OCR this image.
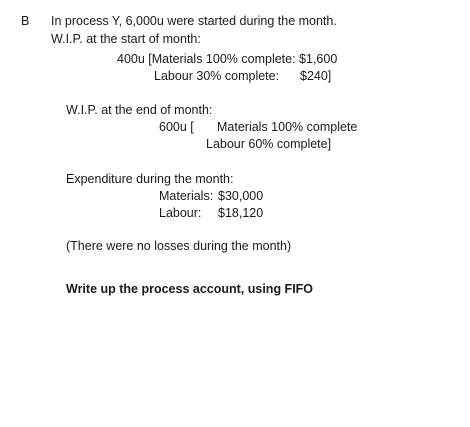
B In process Y, 6,000u were started during the month.
W.I.P. at the start of month:
400u [Materials 100% complete: $1,600
Labour 30% complete: $240]
W.I.P. at the end of month:
600u [ Materials 100% complete
Labour 60% complete]
Expenditure during the month:
Materials: $30,000
Labour: $18,120
(There were no losses during the month)
Write up the process account, using FIFO
